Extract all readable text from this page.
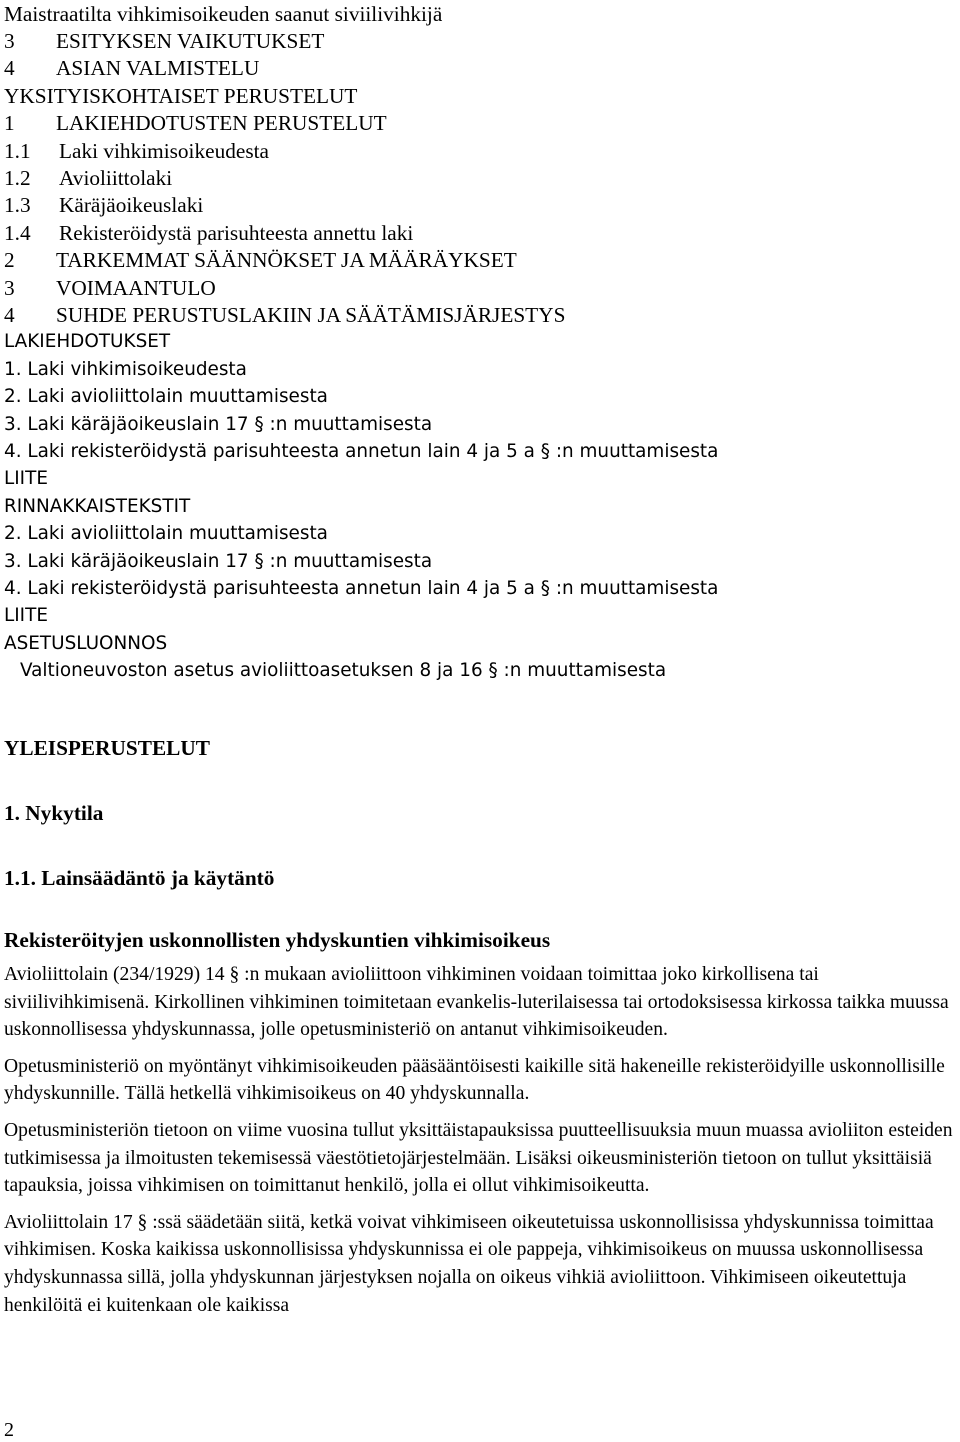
Maistraatilta vihkimisoikeuden saanut siviilivihkijä
3	ESITYKSEN VAIKUTUKSET
4	ASIAN VALMISTELU
YKSITYISKOHTAISET PERUSTELUT
1	LAKIEHDOTUSTEN PERUSTELUT
1.1	Laki vihkimisoikeudesta
1.2	Avioliittolaki
1.3	Käräjäoikeuslaki
1.4	Rekisteröidystä parisuhteesta annettu laki
2	TARKEMMAT SÄÄNNÖKSET JA MÄÄRÄYKSET
3	VOIMAANTULO
4	SUHDE PERUSTUSLAKIIN JA SÄÄTÄMISJÄRJESTYS
LAKIEHDOTUKSET
1. Laki vihkimisoikeudesta
2. Laki avioliittolain muuttamisesta
3. Laki käräjäoikeuslain 17 § :n muuttamisesta
4. Laki rekisteröidystä parisuhteesta annetun lain 4 ja 5 a § :n muuttamisesta
LIITE
RINNAKKAISTEKSTIT
2. Laki avioliittolain muuttamisesta
3. Laki käräjäoikeuslain 17 § :n muuttamisesta
4. Laki rekisteröidystä parisuhteesta annetun lain 4 ja 5 a § :n muuttamisesta
LIITE
ASETUSLUONNOS
Valtioneuvoston asetus avioliittoasetuksen 8 ja 16 § :n muuttamisesta
YLEISPERUSTELUT
1. Nykytila
1.1. Lainsäädäntö ja käytäntö
Rekisteröityjen uskonnollisten yhdyskuntien vihkimisoikeus

Avioliittolain (234/1929) 14 § :n mukaan avioliittoon vihkiminen voidaan toimittaa joko kirkollisena tai siviilivihkimisenä. Kirkollinen vihkiminen toimitetaan evankelis-luterilaisessa tai ortodoksisessa kirkossa taikka muussa uskonnollisessa yhdyskunnassa, jolle opetusministeriö on antanut vihkimisoikeuden.

Opetusministeriö on myöntänyt vihkimisoikeuden pääsääntöisesti kaikille sitä hakeneille rekisteröidyille uskonnollisille yhdyskunnille. Tällä hetkellä vihkimisoikeus on 40 yhdyskunnalla.

Opetusministeriön tietoon on viime vuosina tullut yksittäistapauksissa puutteellisuuksia muun muassa avioliiton esteiden tutkimisessa ja ilmoitusten tekemisessä väestötietojärjestelmään. Lisäksi oikeusministeriön tietoon on tullut yksittäisiä tapauksia, joissa vihkimisen on toimittanut henkilö, jolla ei ollut vihkimisoikeutta.

Avioliittolain 17 § :ssä säädetään siitä, ketkä voivat vihkimiseen oikeutetuissa uskonnollisissa yhdyskunnissa toimittaa vihkimisen. Koska kaikissa uskonnollisissa yhdyskunnissa ei ole pappeja, vihkimisoikeus on muussa uskonnollisessa yhdyskunnassa sillä, jolla yhdyskunnan järjestyksen nojalla on oikeus vihkiä avioliittoon. Vihkimiseen oikeutettuja henkilöitä ei kuitenkaan ole kaikissa

2
